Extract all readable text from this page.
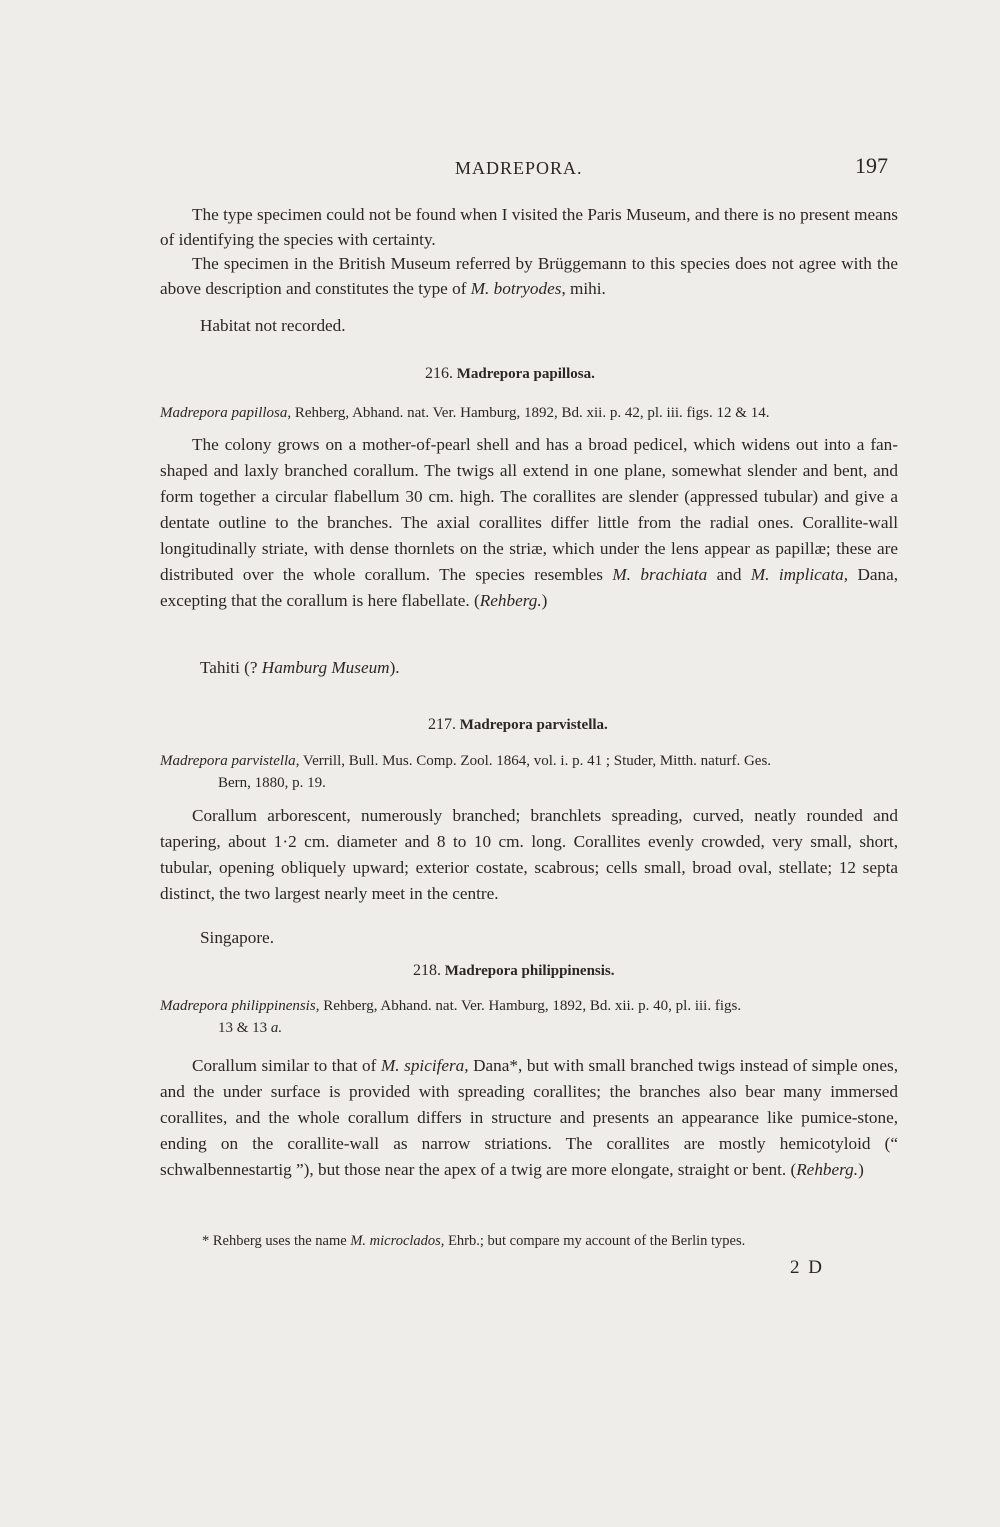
MADREPORA.	197
The type specimen could not be found when I visited the Paris Museum, and there is no present means of identifying the species with certainty.
The specimen in the British Museum referred by Brüggemann to this species does not agree with the above description and constitutes the type of M. botryodes, mihi.
Habitat not recorded.
216. Madrepora papillosa.
Madrepora papillosa, Rehberg, Abhand. nat. Ver. Hamburg, 1892, Bd. xii. p. 42, pl. iii. figs. 12 & 14.
The colony grows on a mother-of-pearl shell and has a broad pedicel, which widens out into a fan-shaped and laxly branched corallum. The twigs all extend in one plane, somewhat slender and bent, and form together a circular flabellum 30 cm. high. The corallites are slender (appressed tubular) and give a dentate outline to the branches. The axial corallites differ little from the radial ones. Corallite-wall longitudinally striate, with dense thornlets on the striæ, which under the lens appear as papillæ; these are distributed over the whole corallum. The species resembles M. brachiata and M. implicata, Dana, excepting that the corallum is here flabellate. (Rehberg.)
Tahiti (? Hamburg Museum).
217. Madrepora parvistella.
Madrepora parvistella, Verrill, Bull. Mus. Comp. Zool. 1864, vol. i. p. 41 ; Studer, Mitth. naturf. Ges.
Bern, 1880, p. 19.
Corallum arborescent, numerously branched; branchlets spreading, curved, neatly rounded and tapering, about 1·2 cm. diameter and 8 to 10 cm. long. Corallites evenly crowded, very small, short, tubular, opening obliquely upward; exterior costate, scabrous; cells small, broad oval, stellate; 12 septa distinct, the two largest nearly meet in the centre.
Singapore.
218. Madrepora philippinensis.
Madrepora philippinensis, Rehberg, Abhand. nat. Ver. Hamburg, 1892, Bd. xii. p. 40, pl. iii. figs.
13 & 13 a.
Corallum similar to that of M. spicifera, Dana*, but with small branched twigs instead of simple ones, and the under surface is provided with spreading corallites; the branches also bear many immersed corallites, and the whole corallum differs in structure and presents an appearance like pumice-stone, ending on the corallite-wall as narrow striations. The corallites are mostly hemicotyloid (“ schwalbennestartig ”), but those near the apex of a twig are more elongate, straight or bent. (Rehberg.)
* Rehberg uses the name M. microclados, Ehrb.; but compare my account of the Berlin types.
2 D
